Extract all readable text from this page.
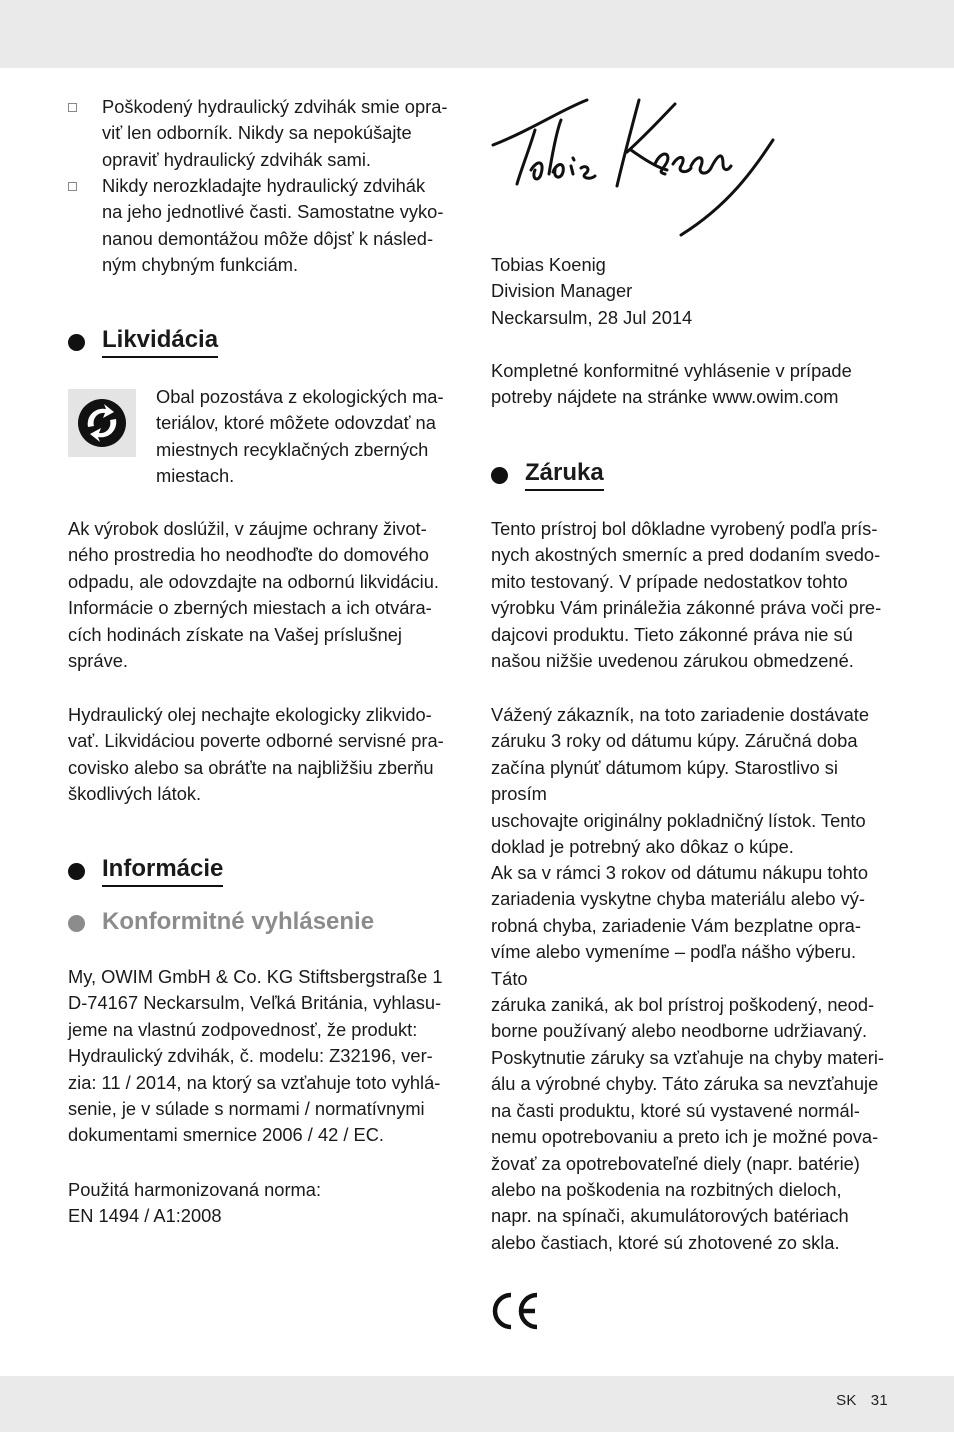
Poškodený hydraulický zdvihák smie opra-
viť len odborník. Nikdy sa nepokúšajte
opraviť hydraulický zdvihák sami.
Nikdy nerozkladajte hydraulický zdvihák
na jeho jednotlivé časti. Samostatne vyko-
nanou demontážou môže dôjsť k násled-
ným chybným funkciám.
Likvidácia

Obal pozostáva z ekologických ma-
teriálov, ktoré môžete odovzdať na
miestnych recyklačných zberných
miestach.

Ak výrobok doslúžil, v záujme ochrany život-
ného prostredia ho neodhoďte do domového
odpadu, ale odovzdajte na odbornú likvidáciu.
Informácie o zberných miestach a ich otvára-
cích hodinách získate na Vašej príslušnej
správe.

Hydraulický olej nechajte ekologicky zlikvido-
vať. Likvidáciou poverte odborné servisné pra-
covisko alebo sa obráťte na najbližšiu zberňu
škodlivých látok.

Informácie
Konformitné vyhlásenie

My, OWIM GmbH & Co. KG Stiftsbergstraße 1
D-74167 Neckarsulm, Veľká Británia, vyhlasu-
jeme na vlastnú zodpovednosť, že produkt:
Hydraulický zdvihák, č. modelu: Z32196, ver-
zia: 11 / 2014, na ktorý sa vzťahuje toto vyhlá-
senie, je v súlade s normami / normatívnymi
dokumentami smernice 2006 / 42 / EC.

Použitá harmonizovaná norma:
EN 1494 / A1:2008

Tobias Koenig
Division Manager
Neckarsulm, 28 Jul 2014

Kompletné konformitné vyhlásenie v prípade
potreby nájdete na stránke www.owim.com

Záruka

Tento prístroj bol dôkladne vyrobený podľa prís-
nych akostných smerníc a pred dodaním svedo-
mito testovaný. V prípade nedostatkov tohto
výrobku Vám prináležia zákonné práva voči pre-
dajcovi produktu. Tieto zákonné práva nie sú
našou nižšie uvedenou zárukou obmedzené.

Vážený zákazník, na toto zariadenie dostávate
záruku 3 roky od dátumu kúpy. Záručná doba
začína plynúť dátumom kúpy. Starostlivo si prosím
uschovajte originálny pokladničný lístok. Tento
doklad je potrebný ako dôkaz o kúpe.

Ak sa v rámci 3 rokov od dátumu nákupu tohto
zariadenia vyskytne chyba materiálu alebo vý-
robná chyba, zariadenie Vám bezplatne opra-
víme alebo vymeníme – podľa nášho výberu. Táto
záruka zaniká, ak bol prístroj poškodený, neod-
borne používaný alebo neodborne udržiavaný.

Poskytnutie záruky sa vzťahuje na chyby materi-
álu a výrobné chyby. Táto záruka sa nevzťahuje
na časti produktu, ktoré sú vystavené normál-
nemu opotrebovaniu a preto ich je možné pova-
žovať za opotrebovateľné diely (napr. batérie)
alebo na poškodenia na rozbitných dieloch,
napr. na spínači, akumulátorových batériach
alebo častiach, ktoré sú zhotovené zo skla.

SK 31
